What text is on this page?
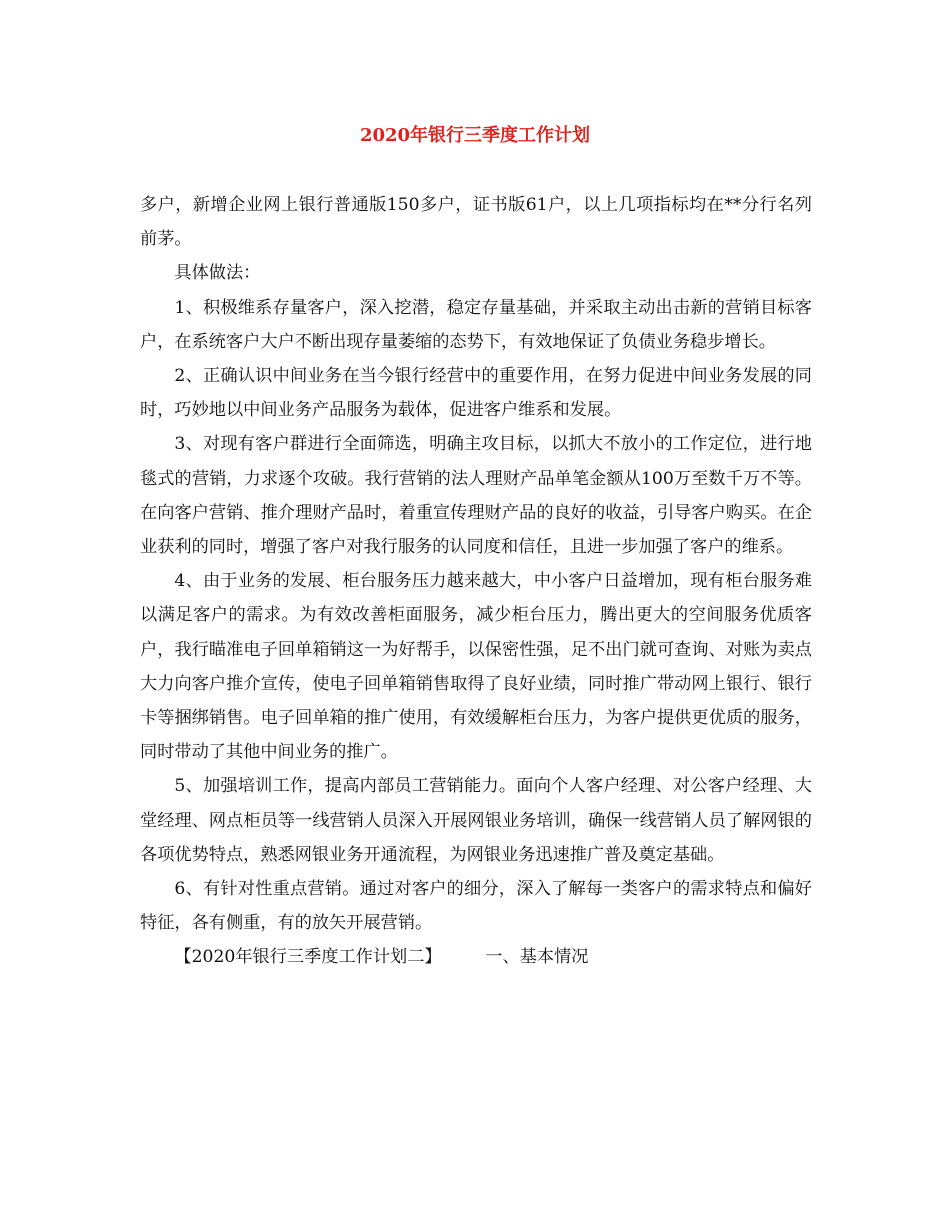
2020年银行三季度工作计划

多户，新增企业网上银行普通版150多户，证书版61户，以上几项指标均在**分行名列前茅。

具体做法：

1、积极维系存量客户，深入挖潜，稳定存量基础，并采取主动出击新的营销目标客户，在系统客户大户不断出现存量萎缩的态势下，有效地保证了负债业务稳步增长。

2、正确认识中间业务在当今银行经营中的重要作用，在努力促进中间业务发展的同时，巧妙地以中间业务产品服务为载体，促进客户维系和发展。

3、对现有客户群进行全面筛选，明确主攻目标，以抓大不放小的工作定位，进行地毯式的营销，力求逐个攻破。我行营销的法人理财产品单笔金额从100万至数千万不等。在向客户营销、推介理财产品时，着重宣传理财产品的良好的收益，引导客户购买。在企业获利的同时，增强了客户对我行服务的认同度和信任，且进一步加强了客户的维系。

4、由于业务的发展、柜台服务压力越来越大，中小客户日益增加，现有柜台服务难以满足客户的需求。为有效改善柜面服务，减少柜台压力，腾出更大的空间服务优质客户，我行瞄准电子回单箱销这一为好帮手，以保密性强，足不出门就可查询、对账为卖点大力向客户推介宣传，使电子回单箱销售取得了良好业绩，同时推广带动网上银行、银行卡等捆绑销售。电子回单箱的推广使用，有效缓解柜台压力，为客户提供更优质的服务，同时带动了其他中间业务的推广。

5、加强培训工作，提高内部员工营销能力。面向个人客户经理、对公客户经理、大堂经理、网点柜员等一线营销人员深入开展网银业务培训，确保一线营销人员了解网银的各项优势特点，熟悉网银业务开通流程，为网银业务迅速推广普及奠定基础。

6、有针对性重点营销。通过对客户的细分，深入了解每一类客户的需求特点和偏好特征，各有侧重，有的放矢开展营销。

【2020年银行三季度工作计划二】	一、基本情况
